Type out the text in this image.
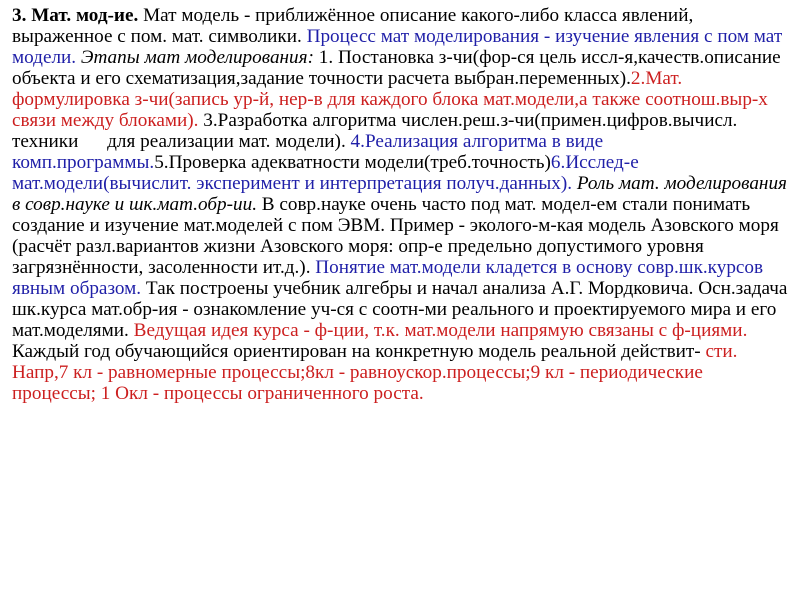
3. Мат. мод-ие. Мат модель - приближённое описание какого-либо класса явлений, выраженное с пом. мат. символики. Процесс мат моделирования - изучение явления с пом мат модели. Этапы мат моделирования: 1. Постановка з-чи(фор-ся цель иссл-я,качеств.описание объекта и его схематизация,задание точности расчета выбран.переменных).2.Мат. формулировка з-чи(запись ур-й, нер-в для каждого блока мат.модели,а также соотнош.выр-х связи между блоками). 3.Разработка алгоритма числен.реш.з-чи(примен.цифров.вычисл. техники      для реализации мат. модели). 4.Реализация алгоритма в виде комп.программы.5.Проверка адекватности модели(треб.точность)6.Исслед-е мат.модели(вычислит. эксперимент и интерпретация получ.данных). Роль мат. моделирования в совр.науке и шк.мат.обр-ии. В совр.науке очень часто под мат. модел-ем стали понимать создание и изучение мат.моделей с пом ЭВМ. Пример - эколого-м-кая модель Азовского моря (расчёт разл.вариантов жизни Азовского моря: опр-е предельно допустимого уровня загрязнённости, засоленности ит.д.). Понятие мат.модели кладется в основу совр.шк.курсов явным образом. Так построены учебник алгебры и начал анализа А.Г. Мордковича. Осн.задача шк.курса мат.обр-ия - ознакомление уч-ся с соотн-ми реального и проектируемого мира и его мат.моделями. Ведущая идея курса - ф-ции, т.к. мат.модели напрямую связаны с ф-циями. Каждый год обучающийся ориентирован на конкретную модель реальной действит- сти. Напр,7 кл - равномерные процессы;8кл - равноускор.процессы;9 кл - периодические процессы; 1 Окл - процессы ограниченного роста.
